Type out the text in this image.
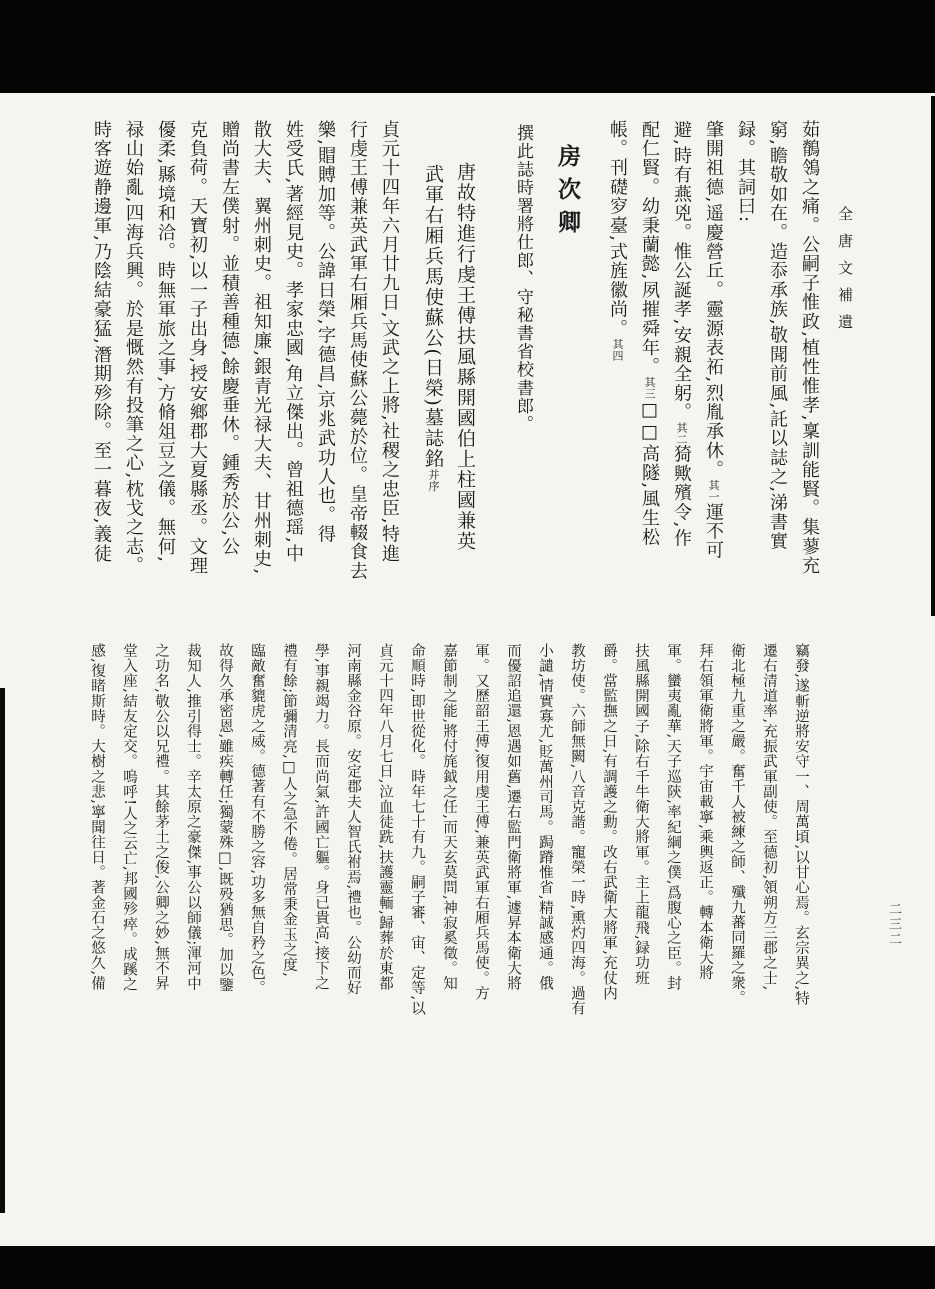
全唐文補遺
二三二
茹鶺鴒之痛。公嗣子惟政,植性惟孝,稟訓能賢。集蓼充
窮,瞻敬如在。造忝承族,敬聞前風,託以誌之,涕書實
録。其詞曰:
肇開祖德,遥慶營丘。靈源表祏,烈胤承休。其一運不可
避,時有燕兇。惟公誕孝,安親全躬。其二猗歟殯令,作
配仁賢。幼秉蘭懿,夙摧舜年。其三□□高隧,風生松
帳。刊礎穸臺,式旌徽尚。其四
房次卿
撰此誌時署將仕郎、守秘書省校書郎。
唐故特進行虔王傅扶風縣開國伯上柱國兼英
武軍右厢兵馬使蘇公(日榮)墓誌銘并序
貞元十四年六月廿九日,文武之上將,社稷之忠臣,特進
行虔王傅兼英武軍右厢兵馬使蘇公薨於位。皇帝輟食去
樂,賵賻加等。公諱日榮,字德昌,京兆武功人也。得
姓受氏,著經見史。孝家忠國,角立傑出。曾祖德瑶,中
散大夫、翼州刺史。祖知廉,銀青光禄大夫、甘州刺史,
贈尚書左僕射。並積善種德,餘慶垂休。鍾秀於公,公
克負荷。天寶初,以一子出身,授安鄉郡大夏縣丞。文理
優柔,縣境和洽。時無軍旅之事,方脩俎豆之儀。無何,
禄山始亂,四海兵興。於是慨然有投筆之心,枕戈之志。
時客遊静邊軍,乃陰結豪猛,潛期殄除。至一暮夜,義徒
竊發,遂斬逆將安守一、周萬頃,以甘心焉。玄宗異之,特
遷右清道率,充振武軍副使。至德初,領朔方三郡之士,
衛北極九重之嚴。奮千人被練之師、殲九蕃同羅之衆。
拜右領軍衛將軍。宇宙載寧,乘輿返正。轉本衛大將
軍。蠻夷亂華,天子巡陝,率紀綱之僕,爲腹心之臣。封
扶風縣開國子,除右千牛衛大將軍。主上龍飛,録功班
爵。當監撫之日,有調護之勳。改右武衛大將軍,充仗内
教坊使。六師無闕,八音克諧。寵榮一時,熏灼四海。過有
小譴,情實寡尤,貶萬州司馬。跼蹐惟省,精誠感通。俄
而優詔追還,恩遇如舊,遷右監門衛將軍,遽昇本衛大將
軍。又歷韶王傅,復用虔王傅,兼英武軍右厢兵馬使。方
嘉節制之能,將付旄鉞之任,而天玄莫問,神寂奚徵。知
命順時,即世從化。時年七十有九。嗣子審、宙、定等,以
貞元十四年八月七日,泣血徒跣,扶護靈輀,歸葬於東都
河南縣金谷原。安定郡夫人智氏祔焉,禮也。公幼而好
學,事親竭力。長而尚氣,許國亡軀。身已貴高,接下之
禮有餘;節彌清亮,□人之急不倦。居常秉金玉之度,
臨敵奮貔虎之威。德著有不勝之容,功多無自矜之色。
故得久承密恩,雖疾轉任;獨蒙殊□,既殁猶思。加以鑒
裁知人,推引得士。辛太原之豪傑,事公以師儀;渾河中
之功名,敬公以兄禮。其餘茅土之俊,公卿之妙,無不昇
堂入座,結友定交。嗚呼!人之云亡,邦國殄瘁。成蹊之
感,復睹斯時。大樹之悲,寧聞往日。著金石之悠久,備
